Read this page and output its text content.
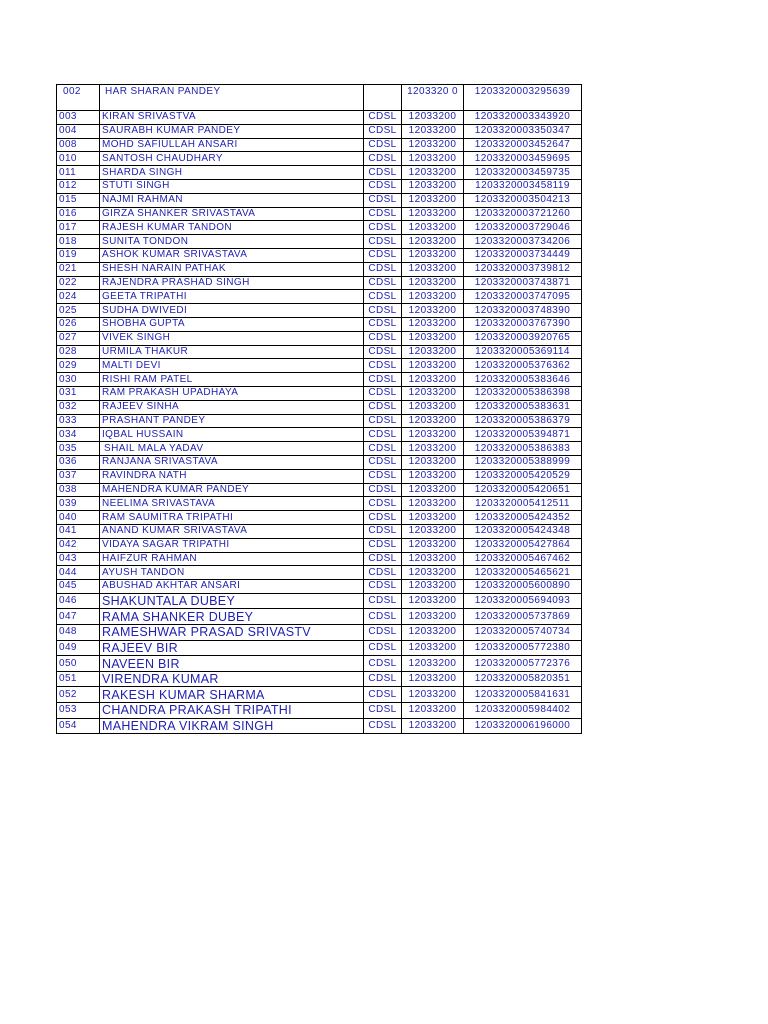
002	HAR SHARAN PANDEY		1203320 0	1203320003295639
003	KIRAN SRIVASTVA	CDSL	12033200	1203320003343920
004	SAURABH KUMAR PANDEY	CDSL	12033200	1203320003350347
008	MOHD SAFIULLAH ANSARI	CDSL	12033200	1203320003452647
010	SANTOSH CHAUDHARY	CDSL	12033200	1203320003459695
011	SHARDA SINGH	CDSL	12033200	1203320003459735
012	STUTI SINGH	CDSL	12033200	1203320003458119
015	NAJMI RAHMAN	CDSL	12033200	1203320003504213
016	GIRZA SHANKER SRIVASTAVA	CDSL	12033200	1203320003721260
017	RAJESH KUMAR TANDON	CDSL	12033200	1203320003729046
018	SUNITA TONDON	CDSL	12033200	1203320003734206
019	ASHOK KUMAR SRIVASTAVA	CDSL	12033200	1203320003734449
021	SHESH NARAIN PATHAK	CDSL	12033200	1203320003739812
022	RAJENDRA PRASHAD SINGH	CDSL	12033200	1203320003743871
024	GEETA TRIPATHI	CDSL	12033200	1203320003747095
025	SUDHA DWIVEDI	CDSL	12033200	1203320003748390
026	SHOBHA GUPTA	CDSL	12033200	1203320003767390
027	VIVEK SINGH	CDSL	12033200	1203320003920765
028	URMILA THAKUR	CDSL	12033200	1203320005369114
029	MALTI DEVI	CDSL	12033200	1203320005376362
030	RISHI RAM PATEL	CDSL	12033200	1203320005383646
031	RAM PRAKASH UPADHAYA	CDSL	12033200	1203320005386398
032	RAJEEV SINHA	CDSL	12033200	1203320005383631
033	PRASHANT PANDEY	CDSL	12033200	1203320005386379
034	IQBAL HUSSAIN	CDSL	12033200	1203320005394871
035	SHAIL MALA YADAV	CDSL	12033200	1203320005386383
036	RANJANA SRIVASTAVA	CDSL	12033200	1203320005388999
037	RAVINDRA NATH	CDSL	12033200	1203320005420529
038	MAHENDRA KUMAR PANDEY	CDSL	12033200	1203320005420651
039	NEELIMA SRIVASTAVA	CDSL	12033200	1203320005412511
040	RAM SAUMITRA TRIPATHI	CDSL	12033200	1203320005424352
041	ANAND KUMAR SRIVASTAVA	CDSL	12033200	1203320005424348
042	VIDAYA SAGAR TRIPATHI	CDSL	12033200	1203320005427864
043	HAIFZUR RAHMAN	CDSL	12033200	1203320005467462
044	AYUSH TANDON	CDSL	12033200	1203320005465621
045	ABUSHAD AKHTAR ANSARI	CDSL	12033200	1203320005600890
046	SHAKUNTALA DUBEY	CDSL	12033200	1203320005694093
047	RAMA SHANKER DUBEY	CDSL	12033200	1203320005737869
048	RAMESHWAR PRASAD SRIVASTV	CDSL	12033200	1203320005740734
049	RAJEEV BIR	CDSL	12033200	1203320005772380
050	NAVEEN BIR	CDSL	12033200	1203320005772376
051	VIRENDRA KUMAR	CDSL	12033200	1203320005820351
052	RAKESH KUMAR SHARMA	CDSL	12033200	1203320005841631
053	CHANDRA PRAKASH TRIPATHI	CDSL	12033200	1203320005984402
054	MAHENDRA VIKRAM SINGH	CDSL	12033200	1203320006196000
